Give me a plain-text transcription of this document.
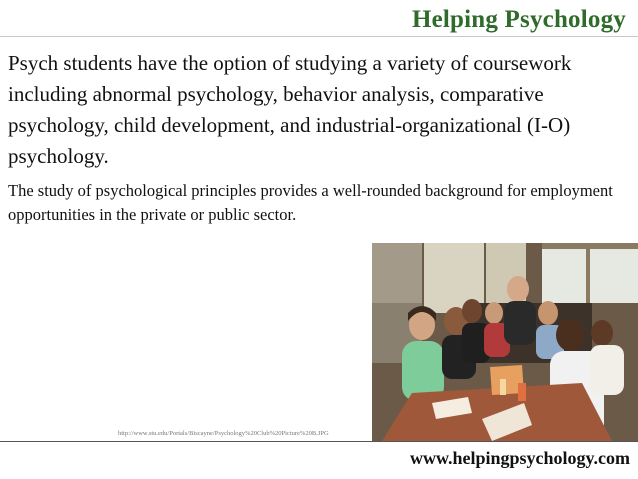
Helping Psychology
Psych students have the option of studying a variety of coursework including abnormal psychology, behavior analysis, comparative psychology, child development, and industrial-organizational (I-O) psychology.
The study of psychological principles provides a well-rounded background for employment opportunities in the private or public sector.
http://www.stu.edu/Portals/Biscayne/Psychology%20Club%20Picture%20B.JPG
www.helpingpsychology.com
